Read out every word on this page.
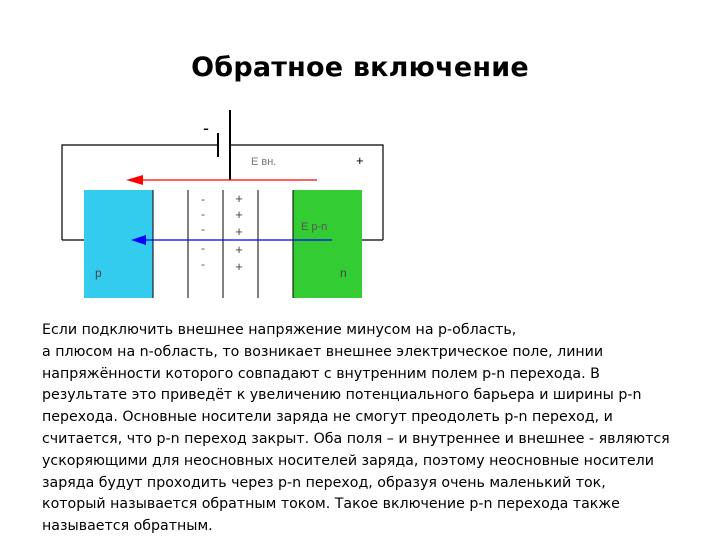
Обратное включение
-
+
-
-
-
-
-
+
+
+
+
+
Е вн.
E p-n
p	n

Если подключить внешнее напряжение минусом на p-область,

а плюсом на n-область, то возникает внешнее электрическое поле, линии

напряжённости которого совпадают с внутренним полем p-n перехода. В

результате это приведёт к увеличению потенциального барьера и ширины p-n

перехода. Основные носители заряда не смогут преодолеть p-n переход, и

считается, что p-n переход закрыт. Оба поля – и внутреннее и внешнее - являются

ускоряющими для неосновных носителей заряда, поэтому неосновные носители

заряда будут проходить через p-n переход, образуя очень маленький ток,

который называется обратным током. Такое включение p-n перехода также

называется обратным.
